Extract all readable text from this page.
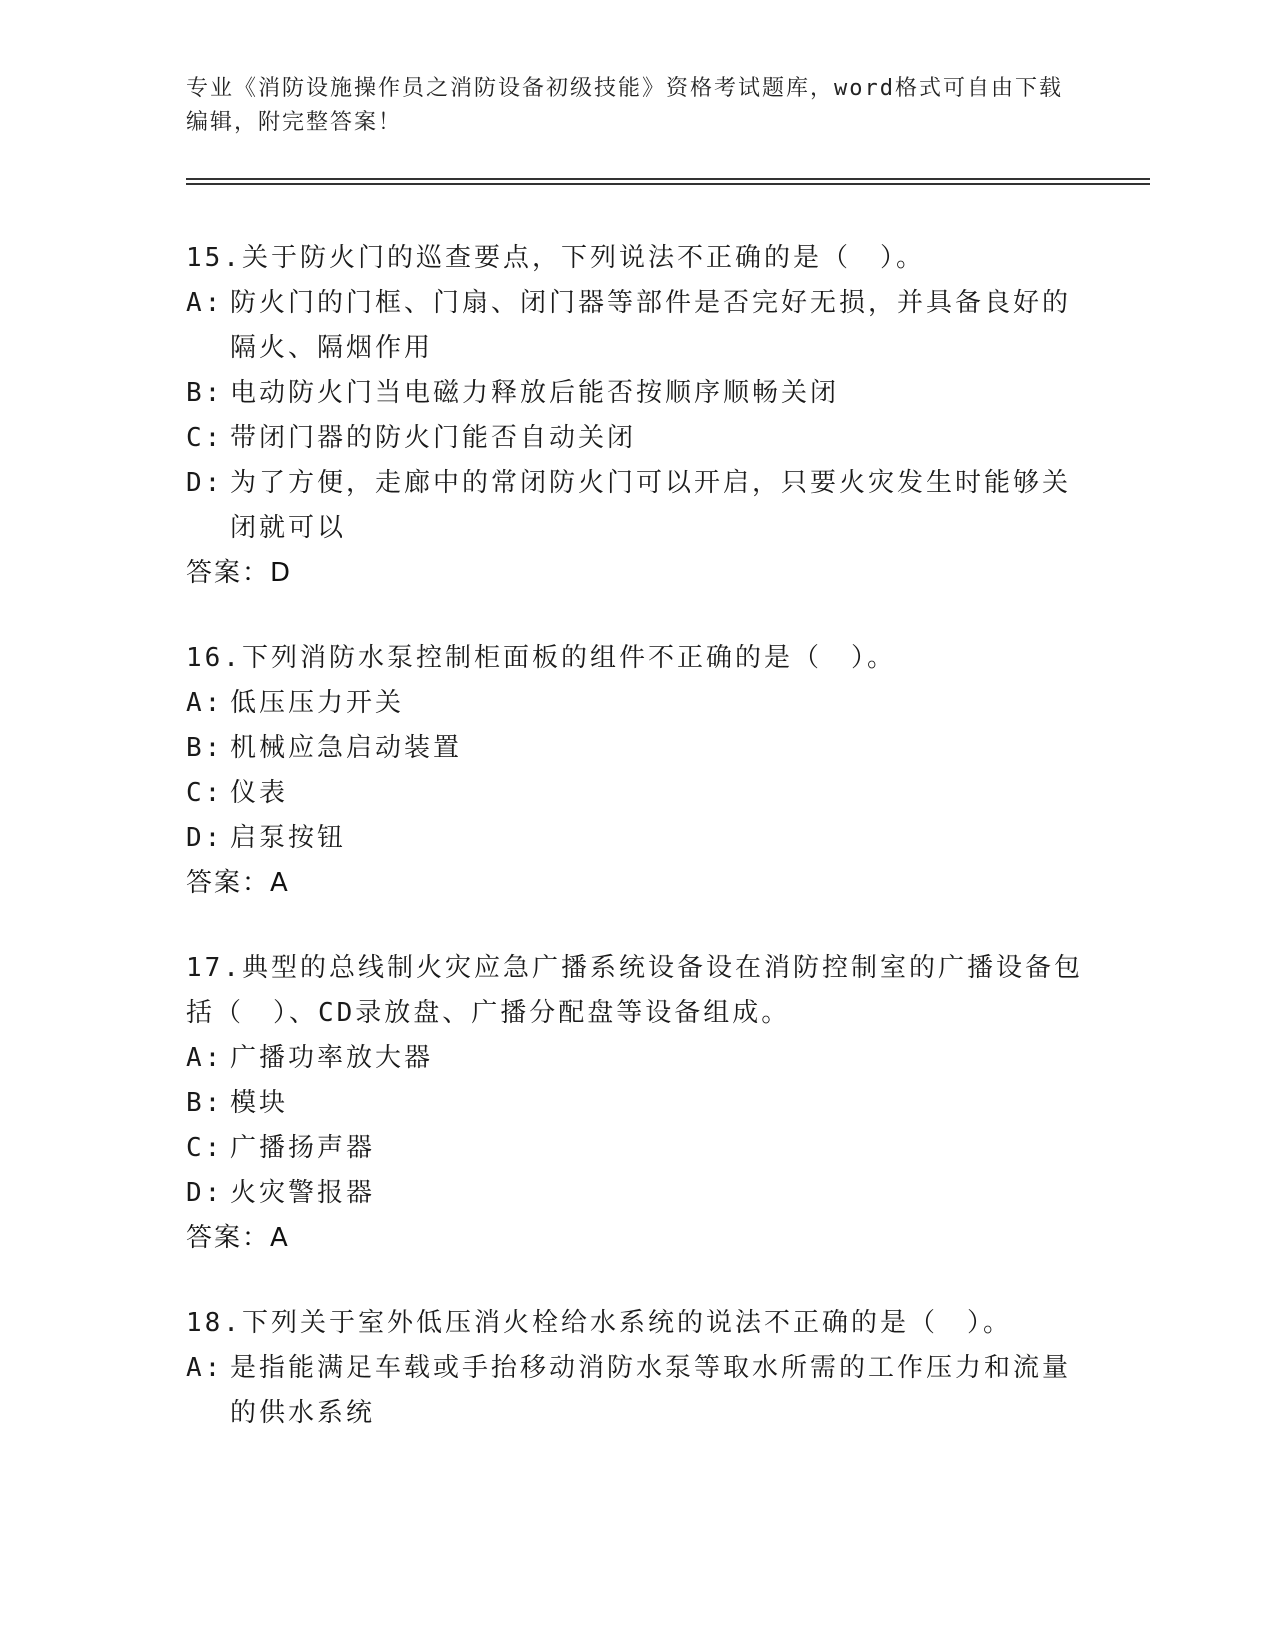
专业《消防设施操作员之消防设备初级技能》资格考试题库，word格式可自由下载编辑，附完整答案！
15.关于防火门的巡查要点，下列说法不正确的是（　）。
A: 防火门的门框、门扇、闭门器等部件是否完好无损，并具备良好的隔火、隔烟作用
B: 电动防火门当电磁力释放后能否按顺序顺畅关闭
C: 带闭门器的防火门能否自动关闭
D: 为了方便，走廊中的常闭防火门可以开启，只要火灾发生时能够关闭就可以
答案：D
16.下列消防水泵控制柜面板的组件不正确的是（　）。
A: 低压压力开关
B: 机械应急启动装置
C: 仪表
D: 启泵按钮
答案：A
17.典型的总线制火灾应急广播系统设备设在消防控制室的广播设备包括（　）、CD录放盘、广播分配盘等设备组成。
A: 广播功率放大器
B: 模块
C: 广播扬声器
D: 火灾警报器
答案：A
18.下列关于室外低压消火栓给水系统的说法不正确的是（　）。
A: 是指能满足车载或手抬移动消防水泵等取水所需的工作压力和流量的供水系统
